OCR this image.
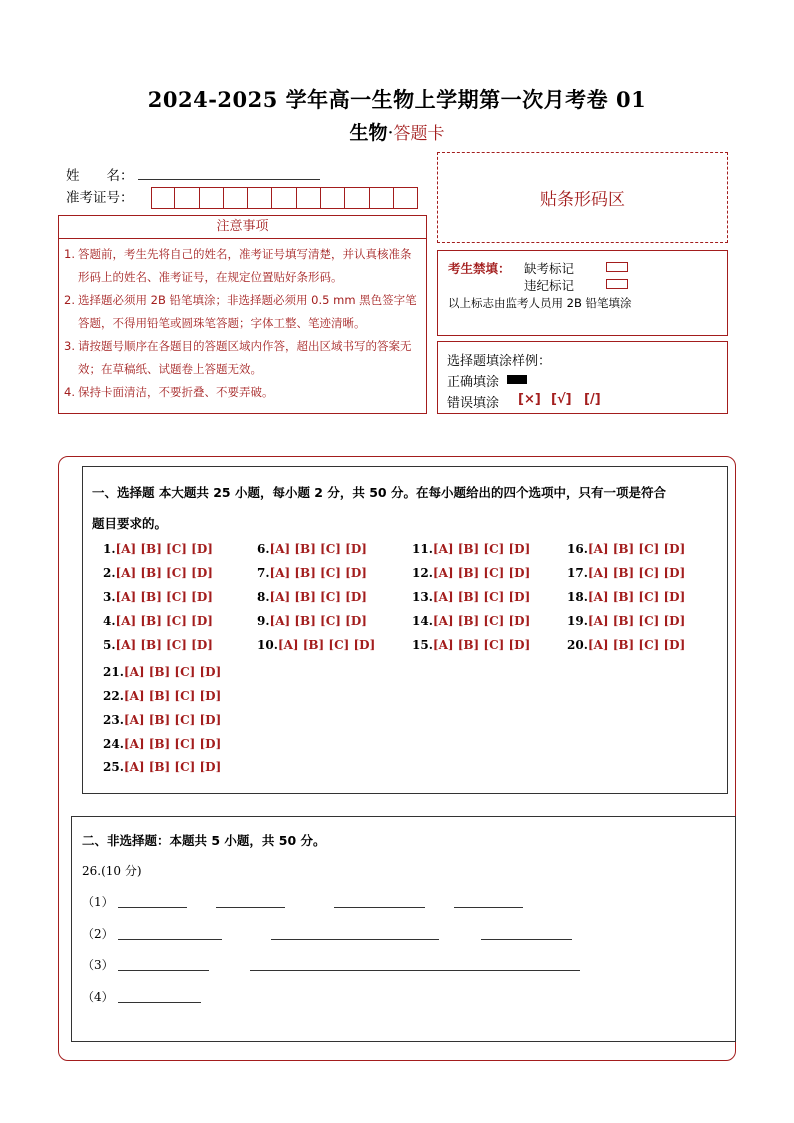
2024-2025 学年高一生物上学期第一次月考卷 01
生物·答题卡
姓　　名：
准考证号：	贴条形码区
注意事项
1. 答题前，考生先将自己的姓名，准考证号填写清楚，并认真核准条形码上的姓名、准考证号，在规定位置贴好条形码。
2. 选择题必须用 2B 铅笔填涂；非选择题必须用 0.5 mm 黑色签字笔答题，不得用铅笔或圆珠笔答题；字体工整、笔迹清晰。
3. 请按题号顺序在各题目的答题区域内作答，超出区域书写的答案无效；在草稿纸、试题卷上答题无效。
4. 保持卡面清洁，不要折叠、不要弄破。
考生禁填： 缺考标记
违纪标记
以上标志由监考人员用 2B 铅笔填涂
选择题填涂样例：
正确填涂
错误填涂 [×] [√] [/]
一、选择题 本大题共 25 小题，每小题 2 分，共 50 分。在每小题给出的四个选项中，只有一项是符合
题目要求的。
1.[A] [B] [C] [D]
2.[A] [B] [C] [D]
3.[A] [B] [C] [D]
4.[A] [B] [C] [D]
5.[A] [B] [C] [D]
6.[A] [B] [C] [D]
7.[A] [B] [C] [D]
8.[A] [B] [C] [D]
9.[A] [B] [C] [D]
10.[A] [B] [C] [D]
11.[A] [B] [C] [D]
12.[A] [B] [C] [D]
13.[A] [B] [C] [D]
14.[A] [B] [C] [D]
15.[A] [B] [C] [D]
16.[A] [B] [C] [D]
17.[A] [B] [C] [D]
18.[A] [B] [C] [D]
19.[A] [B] [C] [D]
20.[A] [B] [C] [D]
21.[A] [B] [C] [D]
22.[A] [B] [C] [D]
23.[A] [B] [C] [D]
24.[A] [B] [C] [D]
25.[A] [B] [C] [D]
二、非选择题：本题共 5 小题，共 50 分。
26.(10 分)
（1）
（2）
（3）
（4）
